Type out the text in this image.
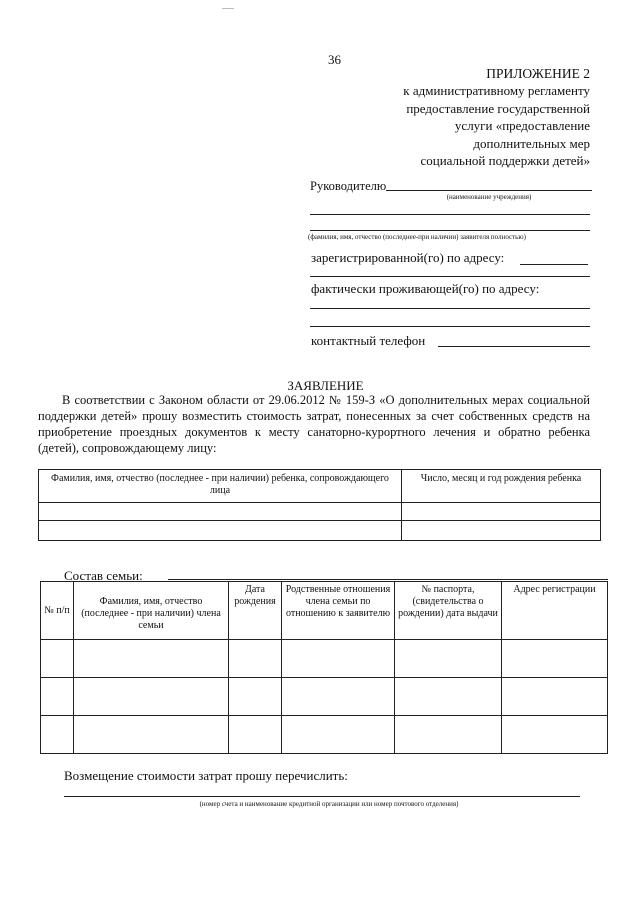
36
ПРИЛОЖЕНИЕ 2
к административному регламенту
предоставление государственной
услуги «предоставление
дополнительных мер
социальной поддержки детей»
Руководителю
(наименование учреждения)
(фамилия, имя, отчество (последнее-при наличии) заявителя полностью)
зарегистрированной(го) по адресу:
фактически проживающей(го) по адресу:
контактный телефон
ЗАЯВЛЕНИЕ
В соответствии с Законом области от 29.06.2012 № 159-З «О дополнительных мерах социальной поддержки детей» прошу возместить стоимость затрат, понесенных за счет собственных средств на приобретение проездных документов к месту санаторно-курортного лечения и обратно ребенка (детей), сопровождающему лицу:
Фамилия, имя, отчество (последнее - при наличии) ребенка, сопровождающего лица	Число, месяц и год рождения ребенка

Состав семьи:
№ п/п	Фамилия, имя, отчество (последнее - при наличии) члена семьи	Дата рождения	Родственные отношения члена семьи по отношению к заявителю	№ паспорта, (свидетельства о рождении) дата выдачи	Адрес регистрации

Возмещение стоимости затрат прошу перечислить:
(номер счета и наименование кредитной организации или номер почтового отделения)
